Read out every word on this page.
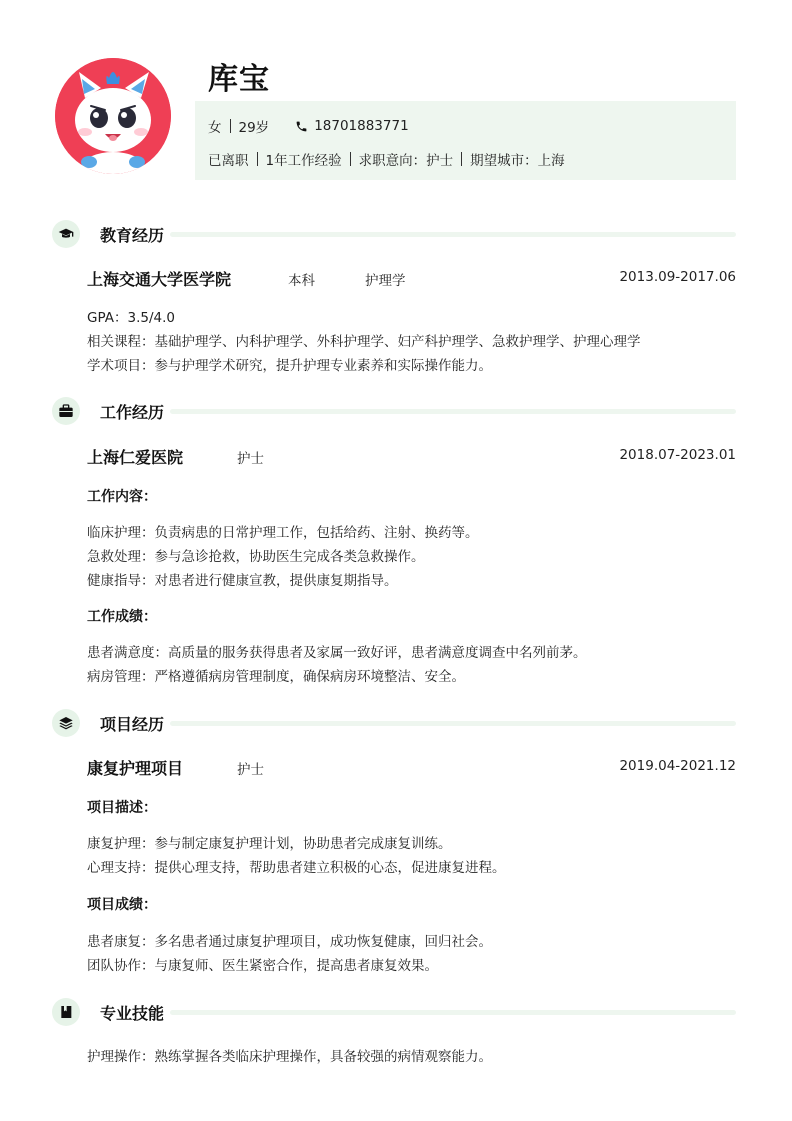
库宝
女 29岁	18701883771
已离职 1年工作经验 求职意向：护士 期望城市：上海
教育经历
上海交通大学医学院	本科	护理学	2013.09-2017.06
GPA：3.5/4.0
相关课程：基础护理学、内科护理学、外科护理学、妇产科护理学、急救护理学、护理心理学
学术项目：参与护理学术研究，提升护理专业素养和实际操作能力。
工作经历
上海仁爱医院	护士	2018.07-2023.01
工作内容：
临床护理：负责病患的日常护理工作，包括给药、注射、换药等。
急救处理：参与急诊抢救，协助医生完成各类急救操作。
健康指导：对患者进行健康宣教，提供康复期指导。
工作成绩：
患者满意度：高质量的服务获得患者及家属一致好评，患者满意度调查中名列前茅。
病房管理：严格遵循病房管理制度，确保病房环境整洁、安全。
项目经历
康复护理项目	护士	2019.04-2021.12
项目描述：
康复护理：参与制定康复护理计划，协助患者完成康复训练。
心理支持：提供心理支持，帮助患者建立积极的心态，促进康复进程。
项目成绩：
患者康复：多名患者通过康复护理项目，成功恢复健康，回归社会。
团队协作：与康复师、医生紧密合作，提高患者康复效果。
专业技能
护理操作：熟练掌握各类临床护理操作，具备较强的病情观察能力。
